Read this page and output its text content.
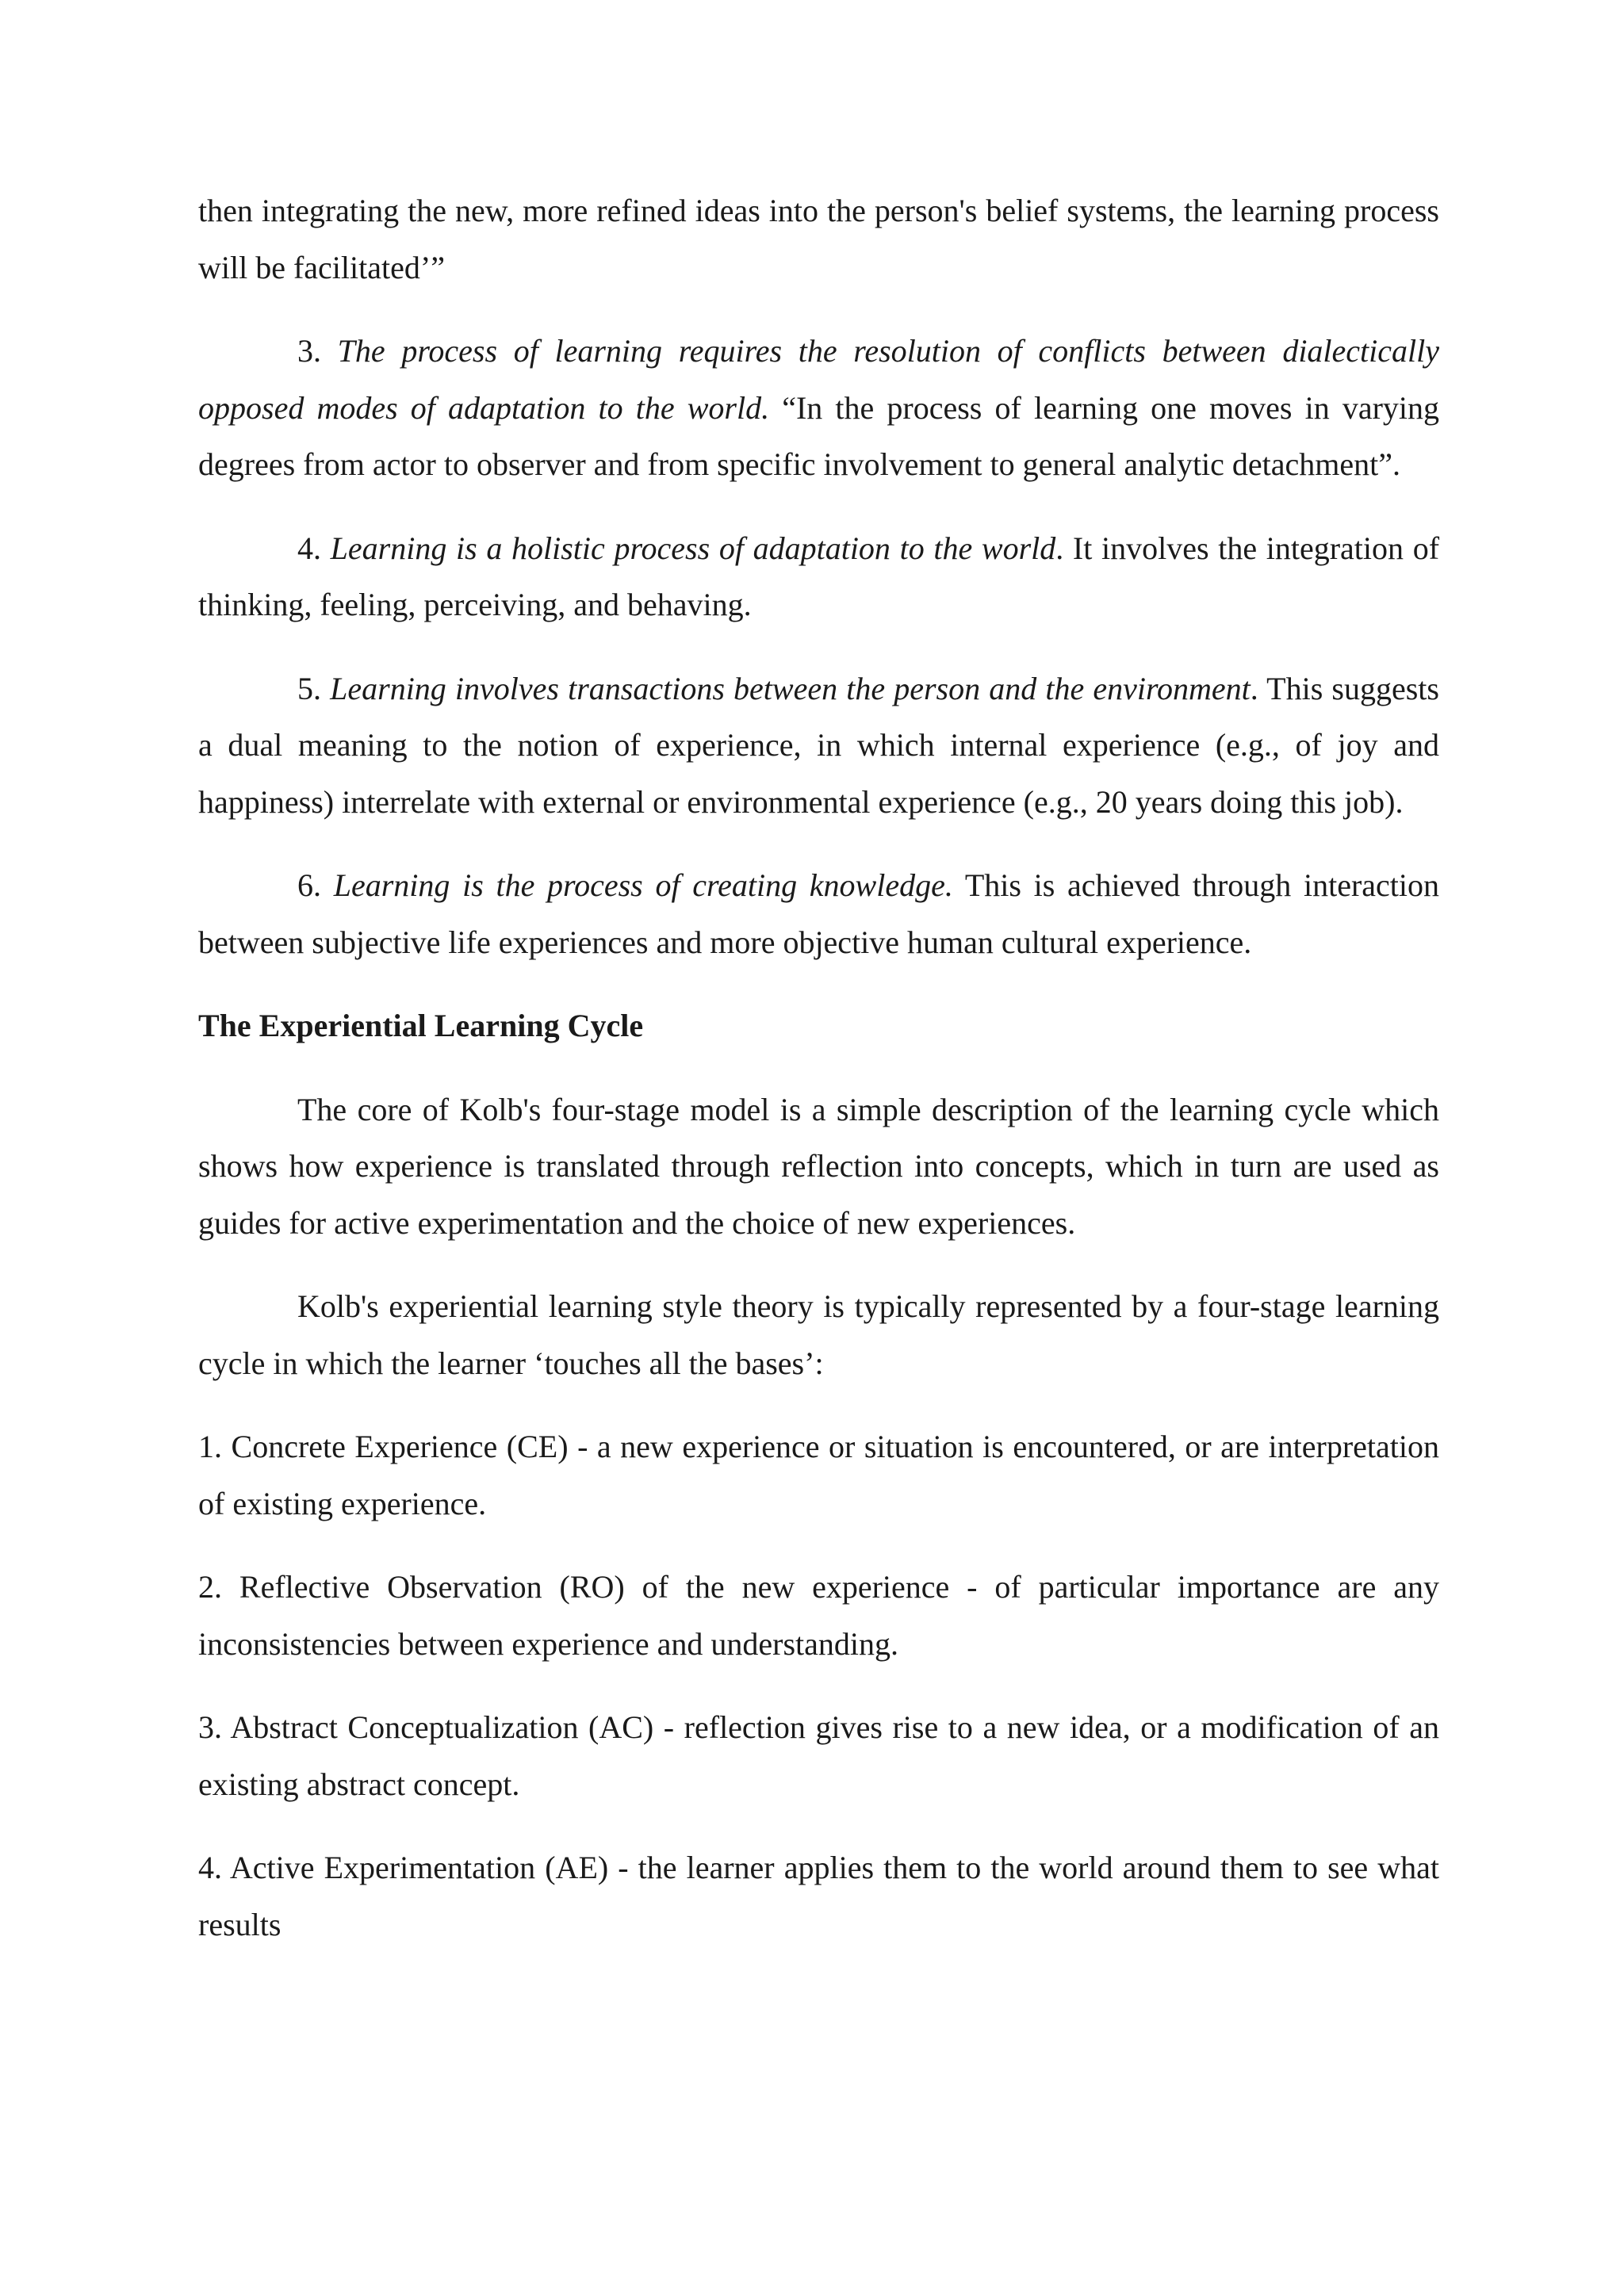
then integrating the new, more refined ideas into the person's belief systems, the learning process will be facilitated’”

3. The process of learning requires the resolution of conflicts between dialectically opposed modes of adaptation to the world. “In the process of learning one moves in varying degrees from actor to observer and from specific involvement to general analytic detachment”.

4. Learning is a holistic process of adaptation to the world. It involves the integration of thinking, feeling, perceiving, and behaving.

5. Learning involves transactions between the person and the environment. This suggests a dual meaning to the notion of experience, in which internal experience (e.g., of joy and happiness) interrelate with external or environmental experience (e.g., 20 years doing this job).

6. Learning is the process of creating knowledge. This is achieved through interaction between subjective life experiences and more objective human cultural experience.

The Experiential Learning Cycle

The core of Kolb's four-stage model is a simple description of the learning cycle which shows how experience is translated through reflection into concepts, which in turn are used as guides for active experimentation and the choice of new experiences.

Kolb's experiential learning style theory is typically represented by a four-stage learning cycle in which the learner ‘touches all the bases’:

1. Concrete Experience (CE) - a new experience or situation is encountered, or are interpretation of existing experience.

2. Reflective Observation (RO) of the new experience - of particular importance are any inconsistencies between experience and understanding.

3. Abstract Conceptualization (AC) - reflection gives rise to a new idea, or a modification of an existing abstract concept.

4. Active Experimentation (AE) - the learner applies them to the world around them to see what results
